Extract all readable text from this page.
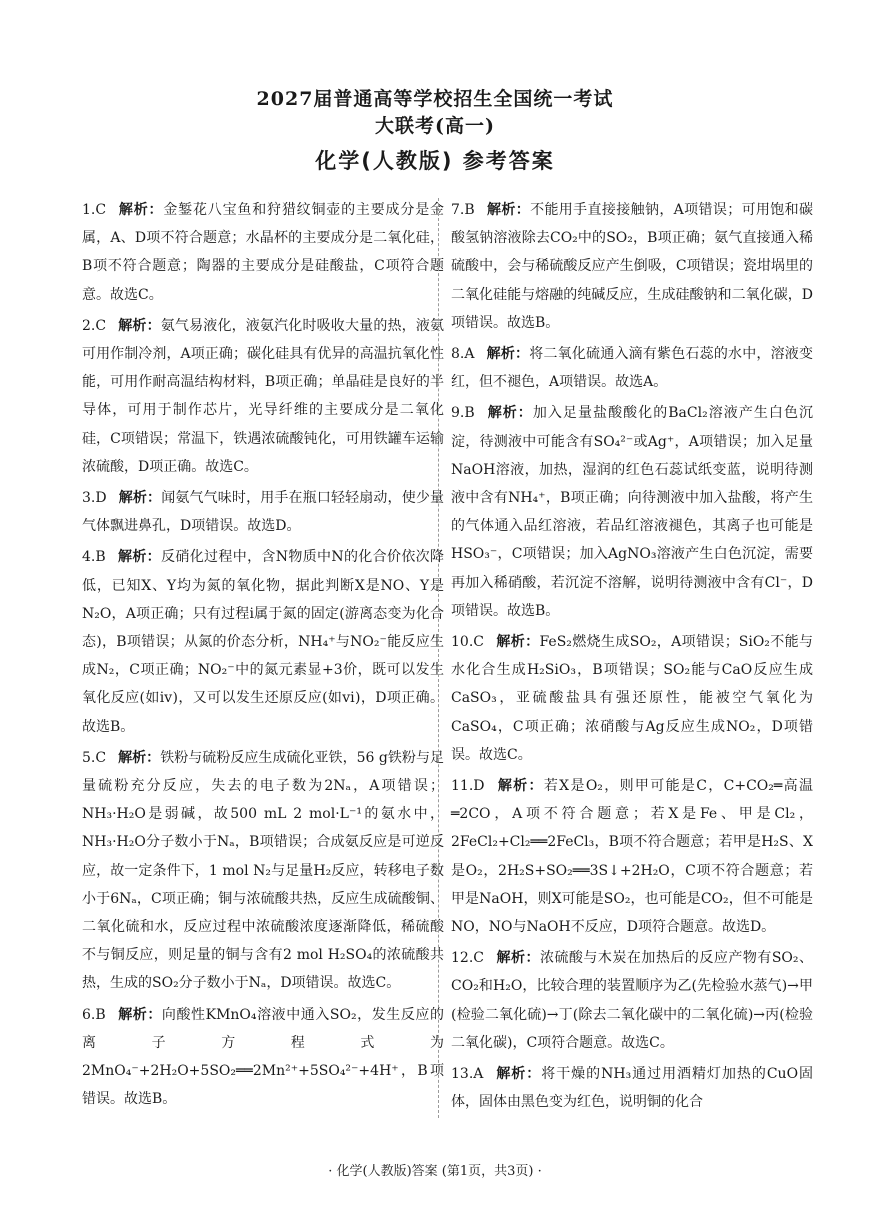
2027届普通高等学校招生全国统一考试
大联考(高一)
化学(人教版) 参考答案

1.C 解析：金錾花八宝鱼和狩猎纹铜壶的主要成分是金属，A、D项不符合题意；水晶杯的主要成分是二氧化硅，B项不符合题意；陶器的主要成分是硅酸盐，C项符合题意。故选C。

2.C 解析：氨气易液化，液氨汽化时吸收大量的热，液氨可用作制冷剂，A项正确；碳化硅具有优异的高温抗氧化性能，可用作耐高温结构材料，B项正确；单晶硅是良好的半导体，可用于制作芯片，光导纤维的主要成分是二氧化硅，C项错误；常温下，铁遇浓硫酸钝化，可用铁罐车运输浓硫酸，D项正确。故选C。

3.D 解析：闻氨气气味时，用手在瓶口轻轻扇动，使少量气体飘进鼻孔，D项错误。故选D。

4.B 解析：反硝化过程中，含N物质中N的化合价依次降低，已知X、Y均为氮的氧化物，据此判断X是NO、Y是N₂O，A项正确；只有过程ⅰ属于氮的固定(游离态变为化合态)，B项错误；从氮的价态分析，NH₄⁺与NO₂⁻能反应生成N₂，C项正确；NO₂⁻中的氮元素显+3价，既可以发生氧化反应(如ⅳ)，又可以发生还原反应(如ⅵ)，D项正确。故选B。

5.C 解析：铁粉与硫粉反应生成硫化亚铁，56 g铁粉与足量硫粉充分反应，失去的电子数为2Nₐ，A项错误；NH₃·H₂O是弱碱，故500 mL 2 mol·L⁻¹的氨水中，NH₃·H₂O分子数小于Nₐ，B项错误；合成氨反应是可逆反应，故一定条件下，1 mol N₂与足量H₂反应，转移电子数小于6Nₐ，C项正确；铜与浓硫酸共热，反应生成硫酸铜、二氧化硫和水，反应过程中浓硫酸浓度逐渐降低，稀硫酸不与铜反应，则足量的铜与含有2 mol H₂SO₄的浓硫酸共热，生成的SO₂分子数小于Nₐ，D项错误。故选C。

6.B 解析：向酸性KMnO₄溶液中通入SO₂，发生反应的离子方程式为2MnO₄⁻+2H₂O+5SO₂══2Mn²⁺+5SO₄²⁻+4H⁺，B项错误。故选B。

7.B 解析：不能用手直接接触钠，A项错误；可用饱和碳酸氢钠溶液除去CO₂中的SO₂，B项正确；氨气直接通入稀硫酸中，会与稀硫酸反应产生倒吸，C项错误；瓷坩埚里的二氧化硅能与熔融的纯碱反应，生成硅酸钠和二氧化碳，D项错误。故选B。

8.A 解析：将二氧化硫通入滴有紫色石蕊的水中，溶液变红，但不褪色，A项错误。故选A。

9.B 解析：加入足量盐酸酸化的BaCl₂溶液产生白色沉淀，待测液中可能含有SO₄²⁻或Ag⁺，A项错误；加入足量NaOH溶液，加热，湿润的红色石蕊试纸变蓝，说明待测液中含有NH₄⁺，B项正确；向待测液中加入盐酸，将产生的气体通入品红溶液，若品红溶液褪色，其离子也可能是HSO₃⁻，C项错误；加入AgNO₃溶液产生白色沉淀，需要再加入稀硝酸，若沉淀不溶解，说明待测液中含有Cl⁻，D项错误。故选B。

10.C 解析：FeS₂燃烧生成SO₂，A项错误；SiO₂不能与水化合生成H₂SiO₃，B项错误；SO₂能与CaO反应生成CaSO₃，亚硫酸盐具有强还原性，能被空气氧化为CaSO₄，C项正确；浓硝酸与Ag反应生成NO₂，D项错误。故选C。

11.D 解析：若X是O₂，则甲可能是C，C+CO₂═高温═2CO，A项不符合题意；若X是Fe、甲是Cl₂，2FeCl₂+Cl₂══2FeCl₃，B项不符合题意；若甲是H₂S、X是O₂，2H₂S+SO₂══3S↓+2H₂O，C项不符合题意；若甲是NaOH，则X可能是SO₂，也可能是CO₂，但不可能是NO，NO与NaOH不反应，D项符合题意。故选D。

12.C 解析：浓硫酸与木炭在加热后的反应产物有SO₂、CO₂和H₂O，比较合理的装置顺序为乙(先检验水蒸气)→甲(检验二氧化硫)→丁(除去二氧化碳中的二氧化硫)→丙(检验二氧化碳)，C项符合题意。故选C。

13.A 解析：将干燥的NH₃通过用酒精灯加热的CuO固体，固体由黑色变为红色，说明铜的化合

· 化学(人教版)答案 (第1页，共3页) ·
